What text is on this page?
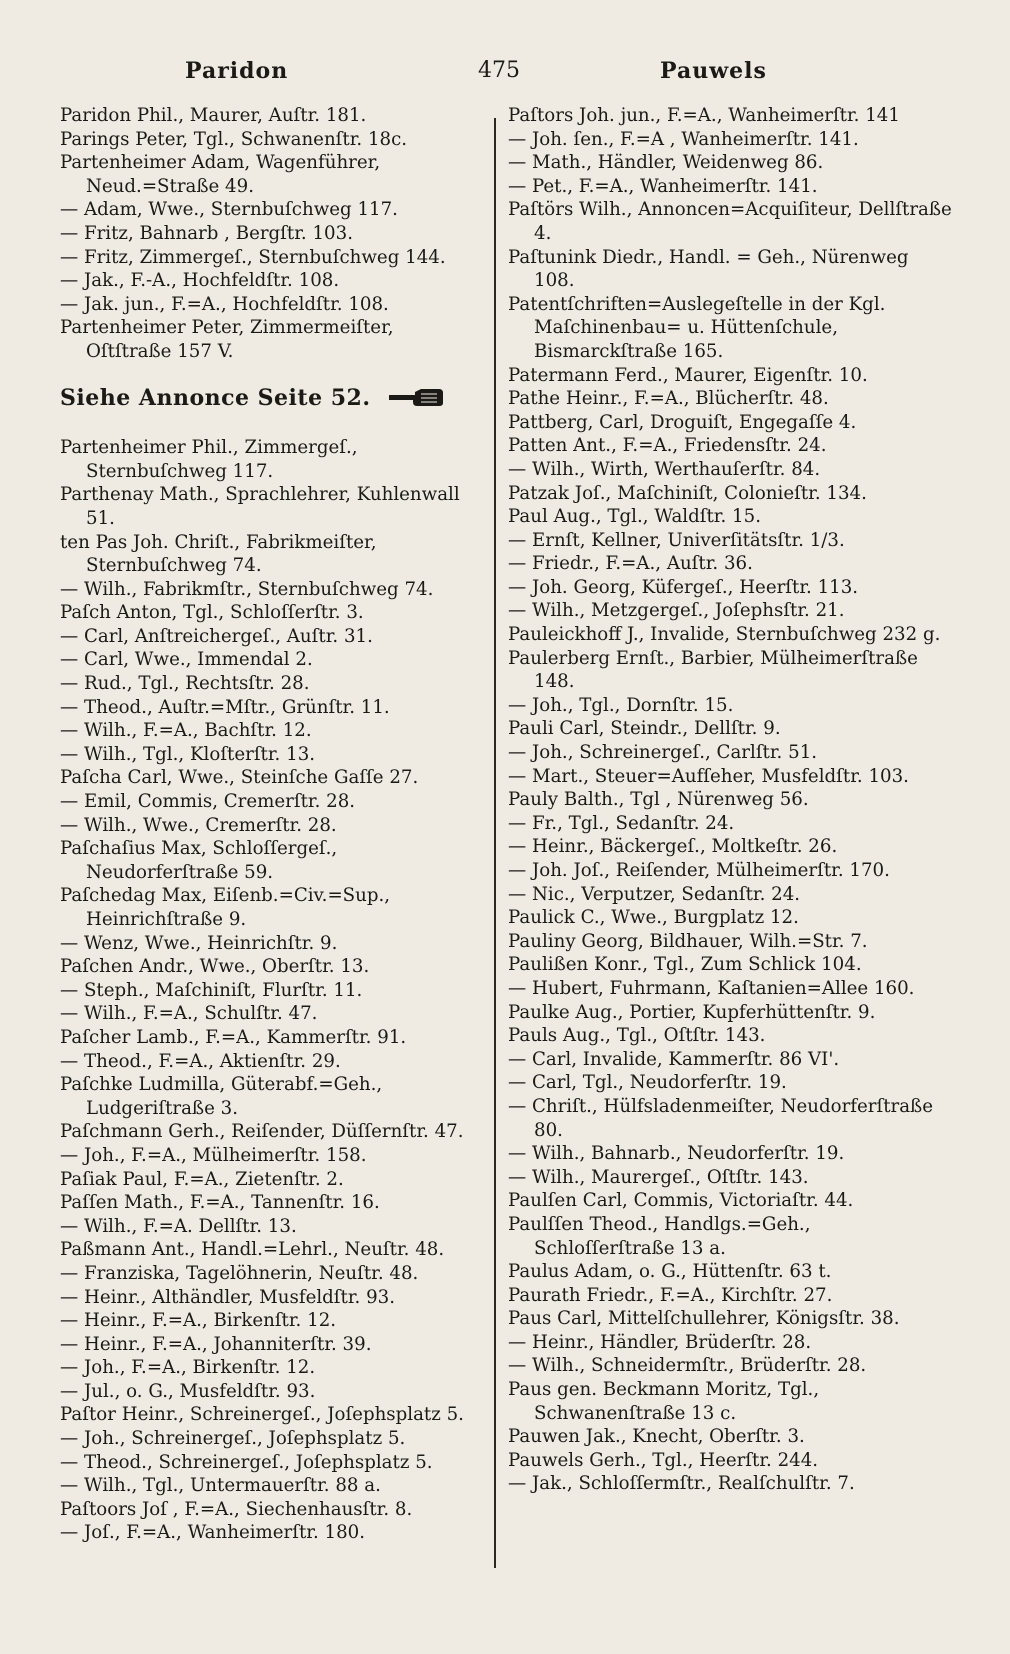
Paridon	475	Pauwels

Paridon Phil., Maurer, Auſtr. 181.

Parings Peter, Tgl., Schwanenſtr. 18c.

Partenheimer Adam, Wagenführer, Neud.=Straße 49.

— Adam, Wwe., Sternbuſchweg 117.

— Fritz, Bahnarb , Bergſtr. 103.

— Fritz, Zimmergeſ., Sternbuſchweg 144.

— Jak., F.-A., Hochfeldſtr. 108.

— Jak. jun., F.=A., Hochfeldſtr. 108.

Partenheimer Peter, Zimmermeiſter, Oſtſtraße 157 V.

Siehe Annonce Seite 52.

Partenheimer Phil., Zimmergeſ., Sternbuſchweg 117.

Parthenay Math., Sprachlehrer, Kuhlenwall 51.

ten Pas Joh. Chriſt., Fabrikmeiſter, Sternbuſchweg 74.

— Wilh., Fabrikmſtr., Sternbuſchweg 74.

Paſch Anton, Tgl., Schloſſerſtr. 3.

— Carl, Anſtreichergeſ., Auſtr. 31.

— Carl, Wwe., Immendal 2.

— Rud., Tgl., Rechtsſtr. 28.

— Theod., Auſtr.=Mſtr., Grünſtr. 11.

— Wilh., F.=A., Bachſtr. 12.

— Wilh., Tgl., Kloſterſtr. 13.

Paſcha Carl, Wwe., Steinſche Gaſſe 27.

— Emil, Commis, Cremerſtr. 28.

— Wilh., Wwe., Cremerſtr. 28.

Paſchaſius Max, Schloſſergeſ., Neudorferſtraße 59.

Paſchedag Max, Eiſenb.=Civ.=Sup., Heinrichſtraße 9.

— Wenz, Wwe., Heinrichſtr. 9.

Paſchen Andr., Wwe., Oberſtr. 13.

— Steph., Maſchiniſt, Flurſtr. 11.

— Wilh., F.=A., Schulſtr. 47.

Paſcher Lamb., F.=A., Kammerſtr. 91.

— Theod., F.=A., Aktienſtr. 29.

Paſchke Ludmilla, Güterabf.=Geh., Ludgeriſtraße 3.

Paſchmann Gerh., Reiſender, Düſſernſtr. 47.

— Joh., F.=A., Mülheimerſtr. 158.

Paſiak Paul, F.=A., Zietenſtr. 2.

Paſſen Math., F.=A., Tannenſtr. 16.

— Wilh., F.=A. Dellſtr. 13.

Paßmann Ant., Handl.=Lehrl., Neuſtr. 48.

— Franziska, Tagelöhnerin, Neuſtr. 48.

— Heinr., Althändler, Musfeldſtr. 93.

— Heinr., F.=A., Birkenſtr. 12.

— Heinr., F.=A., Johanniterſtr. 39.

— Joh., F.=A., Birkenſtr. 12.

— Jul., o. G., Musfeldſtr. 93.

Paſtor Heinr., Schreinergeſ., Joſephsplatz 5.

— Joh., Schreinergeſ., Joſephsplatz 5.

— Theod., Schreinergeſ., Joſephsplatz 5.

— Wilh., Tgl., Untermauerſtr. 88 a.

Paſtoors Joſ , F.=A., Siechenhausſtr. 8.

— Joſ., F.=A., Wanheimerſtr. 180.

Paſtors Joh. jun., F.=A., Wanheimerſtr. 141

— Joh. ſen., F.=A , Wanheimerſtr. 141.

— Math., Händler, Weidenweg 86.

— Pet., F.=A., Wanheimerſtr. 141.

Paſtörs Wilh., Annoncen=Acquiſiteur, Dellſtraße 4.

Paſtunink Diedr., Handl. = Geh., Nürenweg 108.

Patentſchriften=Auslegeſtelle in der Kgl. Maſchinenbau= u. Hüttenſchule, Bismarckſtraße 165.

Patermann Ferd., Maurer, Eigenſtr. 10.

Pathe Heinr., F.=A., Blücherſtr. 48.

Pattberg, Carl, Droguiſt, Engegaſſe 4.

Patten Ant., F.=A., Friedensſtr. 24.

— Wilh., Wirth, Werthauſerſtr. 84.

Patzak Joſ., Maſchiniſt, Colonieſtr. 134.

Paul Aug., Tgl., Waldſtr. 15.

— Ernſt, Kellner, Univerſitätsſtr. 1/3.

— Friedr., F.=A., Auſtr. 36.

— Joh. Georg, Küfergeſ., Heerſtr. 113.

— Wilh., Metzgergeſ., Joſephsſtr. 21.

Pauleickhoff J., Invalide, Sternbuſchweg 232 g.

Paulerberg Ernſt., Barbier, Mülheimerſtraße 148.

— Joh., Tgl., Dornſtr. 15.

Pauli Carl, Steindr., Dellſtr. 9.

— Joh., Schreinergeſ., Carlſtr. 51.

— Mart., Steuer=Aufſeher, Musfeldſtr. 103.

Pauly Balth., Tgl , Nürenweg 56.

— Fr., Tgl., Sedanſtr. 24.

— Heinr., Bäckergeſ., Moltkeſtr. 26.

— Joh. Joſ., Reiſender, Mülheimerſtr. 170.

— Nic., Verputzer, Sedanſtr. 24.

Paulick C., Wwe., Burgplatz 12.

Pauliny Georg, Bildhauer, Wilh.=Str. 7.

Paulißen Konr., Tgl., Zum Schlick 104.

— Hubert, Fuhrmann, Kaſtanien=Allee 160.

Paulke Aug., Portier, Kupferhüttenſtr. 9.

Pauls Aug., Tgl., Oſtſtr. 143.

— Carl, Invalide, Kammerſtr. 86 VI'.

— Carl, Tgl., Neudorferſtr. 19.

— Chriſt., Hülfsladenmeiſter, Neudorferſtraße 80.

— Wilh., Bahnarb., Neudorferſtr. 19.

— Wilh., Maurergeſ., Oſtſtr. 143.

Paulſen Carl, Commis, Victoriaſtr. 44.

Paulſſen Theod., Handlgs.=Geh., Schloſſerſtraße 13 a.

Paulus Adam, o. G., Hüttenſtr. 63 t.

Paurath Friedr., F.=A., Kirchſtr. 27.

Paus Carl, Mittelſchullehrer, Königsſtr. 38.

— Heinr., Händler, Brüderſtr. 28.

— Wilh., Schneidermſtr., Brüderſtr. 28.

Paus gen. Beckmann Moritz, Tgl., Schwanenſtraße 13 c.

Pauwen Jak., Knecht, Oberſtr. 3.

Pauwels Gerh., Tgl., Heerſtr. 244.

— Jak., Schloſſermſtr., Realſchulſtr. 7.
